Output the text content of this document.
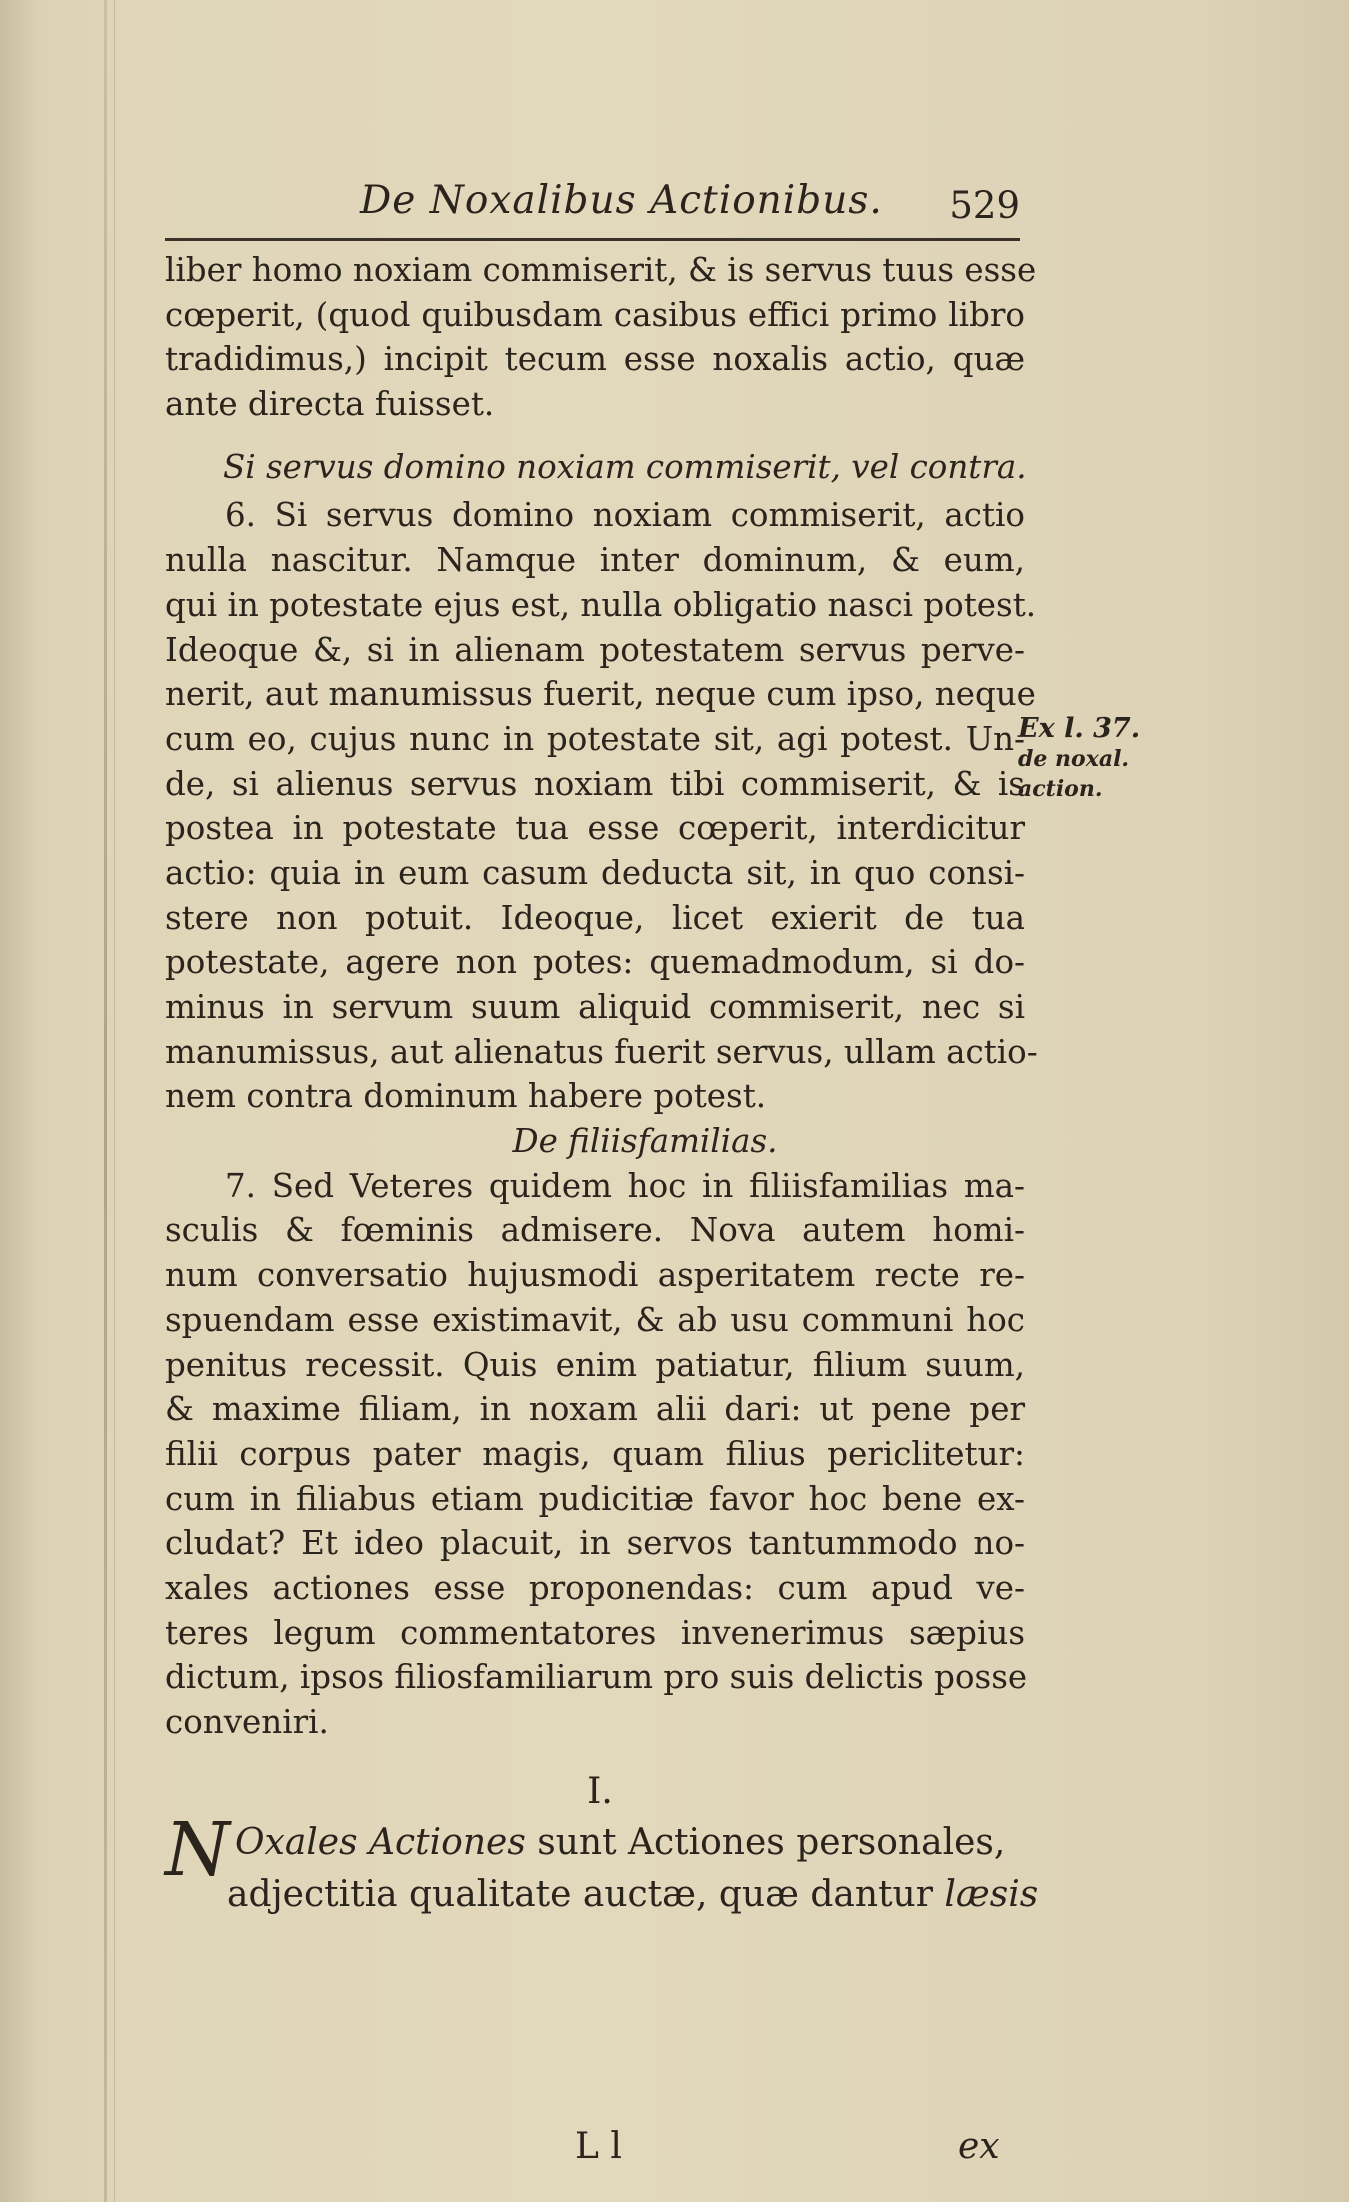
De Noxalibus Actionibus. 529
liber homo noxiam commiserit, & is servus tuus esse
cœperit, (quod quibusdam casibus effici primo libro
tradidimus,) incipit tecum esse noxalis actio, quæ
ante directa fuisset.
Si servus domino noxiam commiserit, vel contra.
6. Si servus domino noxiam commiserit, actio
nulla nascitur. Namque inter dominum, & eum,
qui in potestate ejus est, nulla obligatio nasci potest.
Ideoque &, si in alienam potestatem servus perve-
nerit, aut manumissus fuerit, neque cum ipso, neque
cum eo, cujus nunc in potestate sit, agi potest. Un-
de, si alienus servus noxiam tibi commiserit, & is
postea in potestate tua esse cœperit, interdicitur
actio: quia in eum casum deducta sit, in quo consi-
stere non potuit. Ideoque, licet exierit de tua
potestate, agere non potes: quemadmodum, si do-
minus in servum suum aliquid commiserit, nec si
manumissus, aut alienatus fuerit servus, ullam actio-
nem contra dominum habere potest.
De filiisfamilias.
7. Sed Veteres quidem hoc in filiisfamilias ma-
sculis & fœminis admisere. Nova autem homi-
num conversatio hujusmodi asperitatem recte re-
spuendam esse existimavit, & ab usu communi hoc
penitus recessit. Quis enim patiatur, filium suum,
& maxime filiam, in noxam alii dari: ut pene per
filii corpus pater magis, quam filius periclitetur:
cum in filiabus etiam pudicitiæ favor hoc bene ex-
cludat? Et ideo placuit, in servos tantummodo no-
xales actiones esse proponendas: cum apud ve-
teres legum commentatores invenerimus sæpius
dictum, ipsos filiosfamiliarum pro suis delictis posse
conveniri.
I.
N Oxales Actiones sunt Actiones personales,
adjectitia qualitate auctæ, quæ dantur læsis
L l	ex
Ex l. 37.
de noxal.
action.
